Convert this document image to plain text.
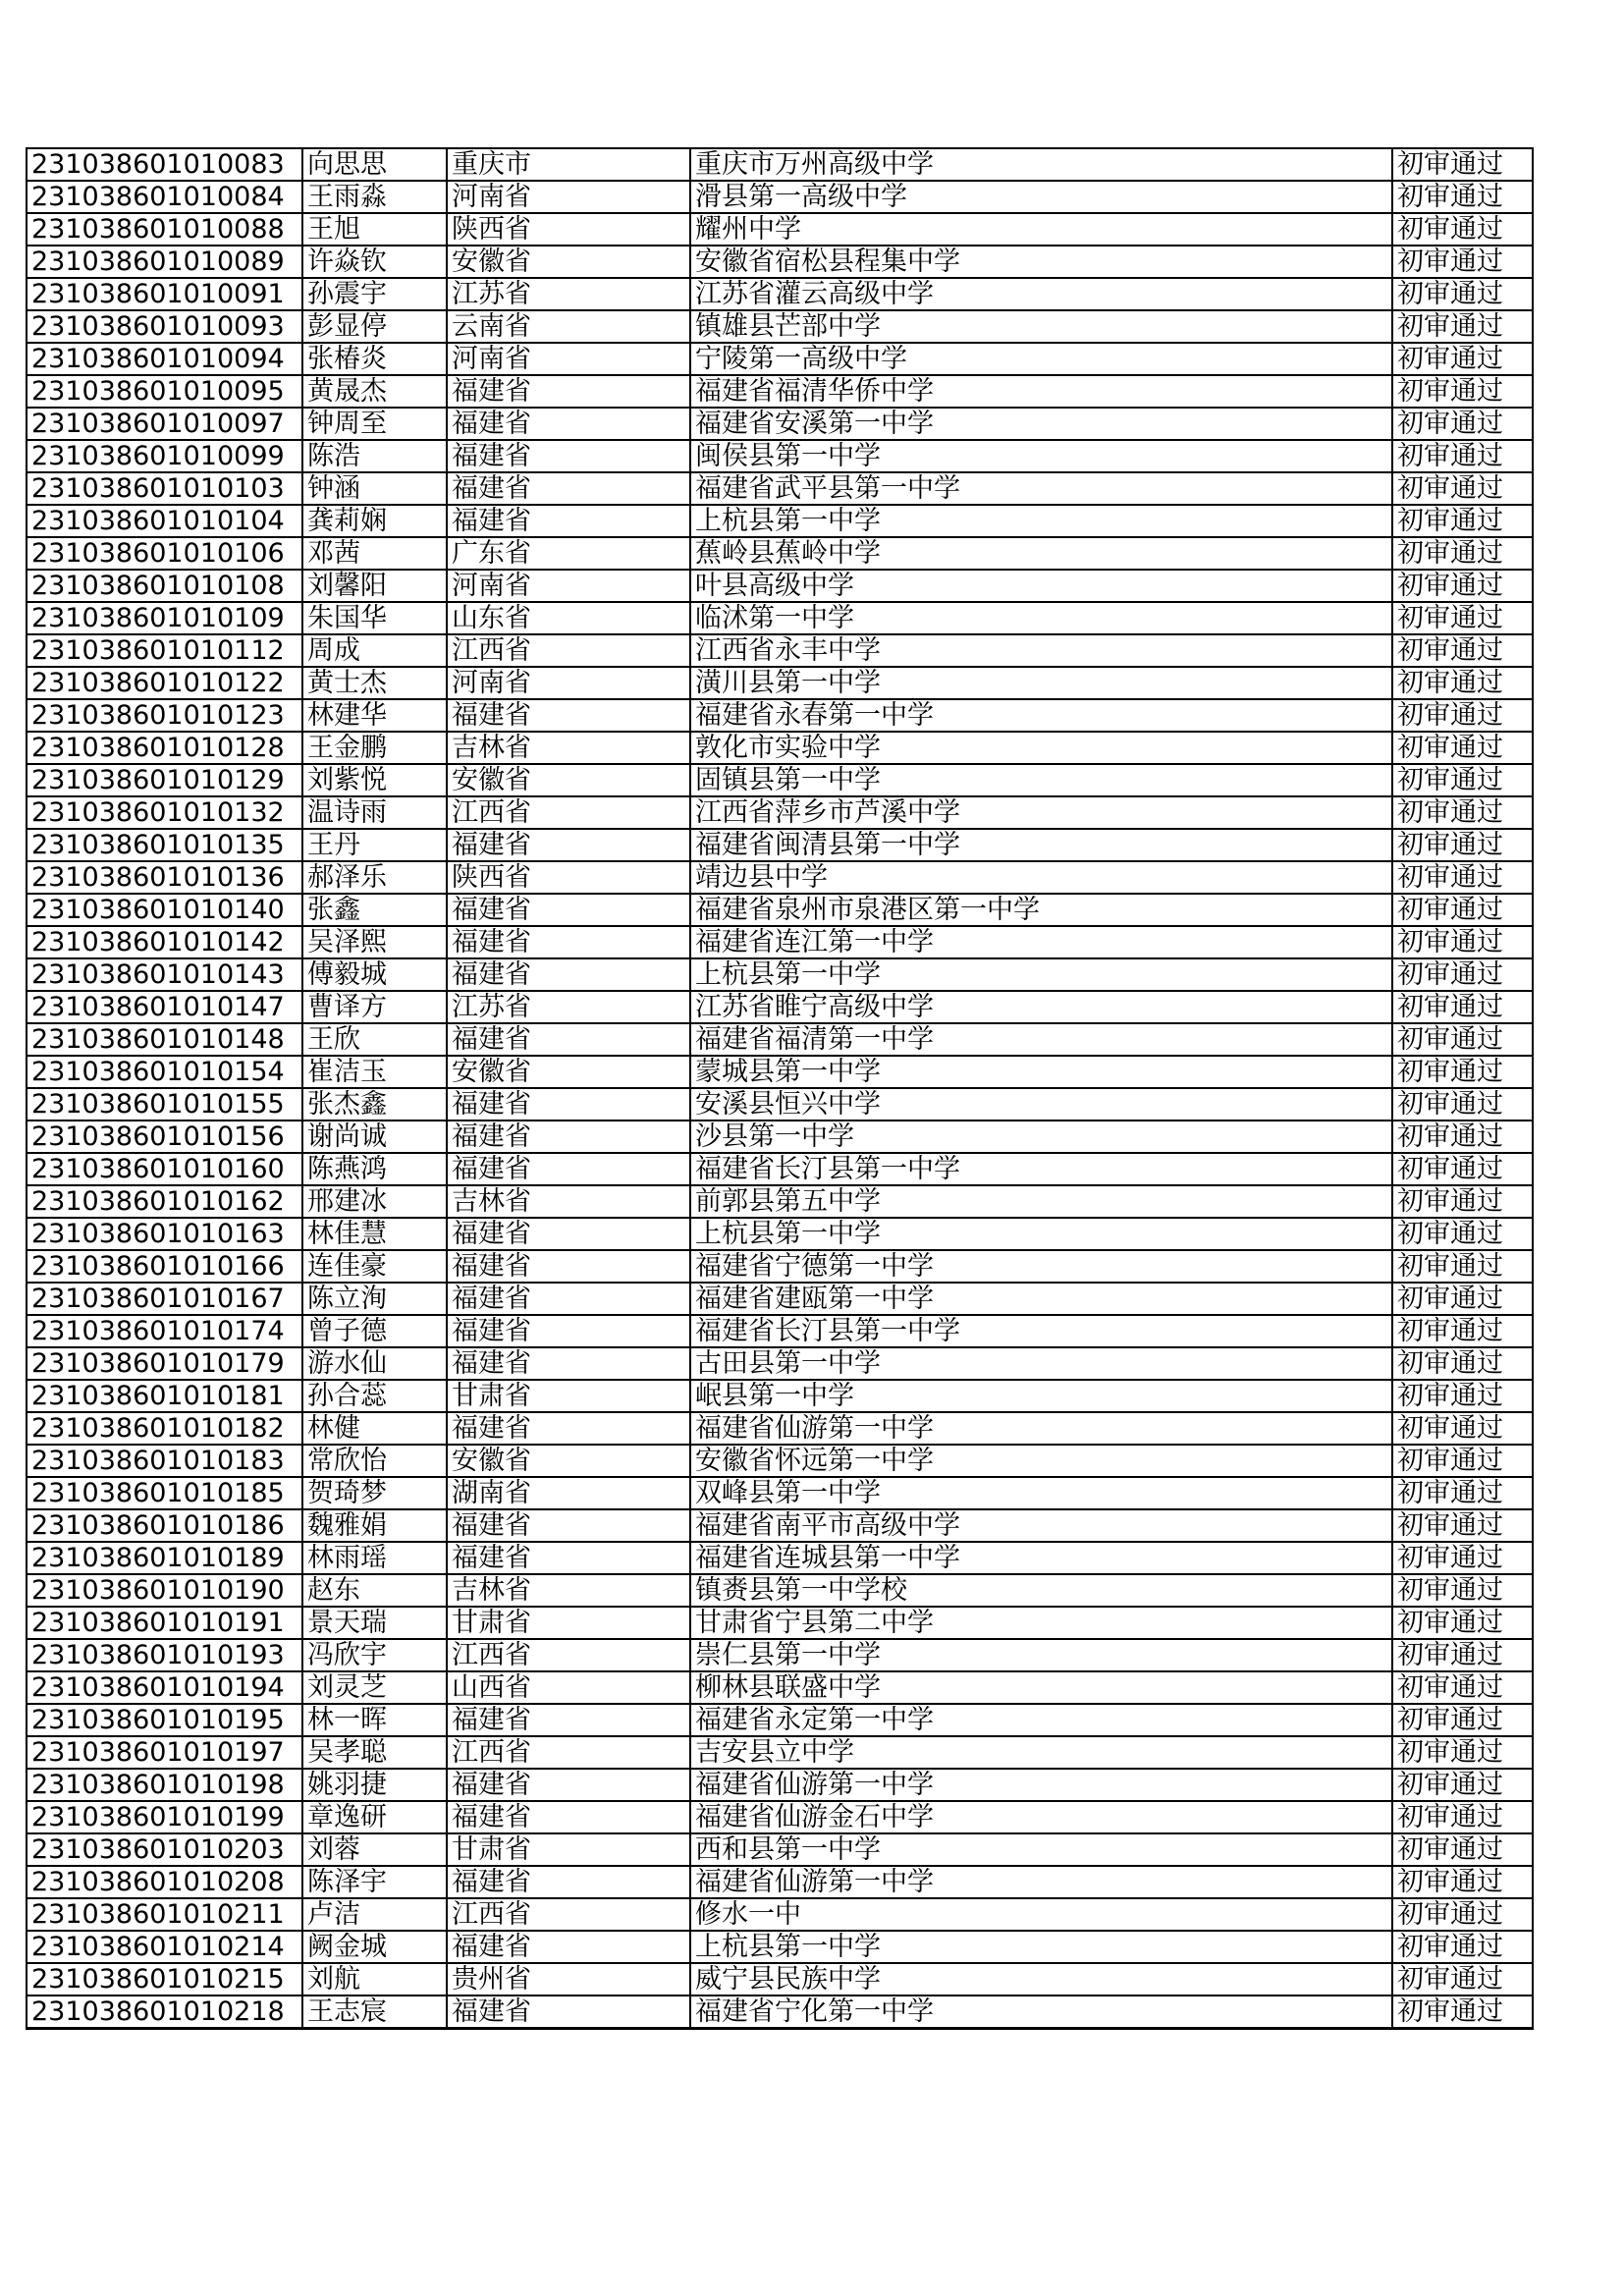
231038601010083	向思思	重庆市	重庆市万州高级中学	初审通过
231038601010084	王雨淼	河南省	滑县第一高级中学	初审通过
231038601010088	王旭	陕西省	耀州中学	初审通过
231038601010089	许焱钦	安徽省	安徽省宿松县程集中学	初审通过
231038601010091	孙震宇	江苏省	江苏省灌云高级中学	初审通过
231038601010093	彭显停	云南省	镇雄县芒部中学	初审通过
231038601010094	张椿炎	河南省	宁陵第一高级中学	初审通过
231038601010095	黄晟杰	福建省	福建省福清华侨中学	初审通过
231038601010097	钟周至	福建省	福建省安溪第一中学	初审通过
231038601010099	陈浩	福建省	闽侯县第一中学	初审通过
231038601010103	钟涵	福建省	福建省武平县第一中学	初审通过
231038601010104	龚莉娴	福建省	上杭县第一中学	初审通过
231038601010106	邓茜	广东省	蕉岭县蕉岭中学	初审通过
231038601010108	刘馨阳	河南省	叶县高级中学	初审通过
231038601010109	朱国华	山东省	临沭第一中学	初审通过
231038601010112	周成	江西省	江西省永丰中学	初审通过
231038601010122	黄士杰	河南省	潢川县第一中学	初审通过
231038601010123	林建华	福建省	福建省永春第一中学	初审通过
231038601010128	王金鹏	吉林省	敦化市实验中学	初审通过
231038601010129	刘紫悦	安徽省	固镇县第一中学	初审通过
231038601010132	温诗雨	江西省	江西省萍乡市芦溪中学	初审通过
231038601010135	王丹	福建省	福建省闽清县第一中学	初审通过
231038601010136	郝泽乐	陕西省	靖边县中学	初审通过
231038601010140	张鑫	福建省	福建省泉州市泉港区第一中学	初审通过
231038601010142	吴泽熙	福建省	福建省连江第一中学	初审通过
231038601010143	傅毅城	福建省	上杭县第一中学	初审通过
231038601010147	曹译方	江苏省	江苏省睢宁高级中学	初审通过
231038601010148	王欣	福建省	福建省福清第一中学	初审通过
231038601010154	崔洁玉	安徽省	蒙城县第一中学	初审通过
231038601010155	张杰鑫	福建省	安溪县恒兴中学	初审通过
231038601010156	谢尚诚	福建省	沙县第一中学	初审通过
231038601010160	陈燕鸿	福建省	福建省长汀县第一中学	初审通过
231038601010162	邢建冰	吉林省	前郭县第五中学	初审通过
231038601010163	林佳慧	福建省	上杭县第一中学	初审通过
231038601010166	连佳豪	福建省	福建省宁德第一中学	初审通过
231038601010167	陈立洵	福建省	福建省建瓯第一中学	初审通过
231038601010174	曾子德	福建省	福建省长汀县第一中学	初审通过
231038601010179	游水仙	福建省	古田县第一中学	初审通过
231038601010181	孙合蕊	甘肃省	岷县第一中学	初审通过
231038601010182	林健	福建省	福建省仙游第一中学	初审通过
231038601010183	常欣怡	安徽省	安徽省怀远第一中学	初审通过
231038601010185	贺琦梦	湖南省	双峰县第一中学	初审通过
231038601010186	魏雅娟	福建省	福建省南平市高级中学	初审通过
231038601010189	林雨瑶	福建省	福建省连城县第一中学	初审通过
231038601010190	赵东	吉林省	镇赉县第一中学校	初审通过
231038601010191	景天瑞	甘肃省	甘肃省宁县第二中学	初审通过
231038601010193	冯欣宇	江西省	崇仁县第一中学	初审通过
231038601010194	刘灵芝	山西省	柳林县联盛中学	初审通过
231038601010195	林一晖	福建省	福建省永定第一中学	初审通过
231038601010197	吴孝聪	江西省	吉安县立中学	初审通过
231038601010198	姚羽捷	福建省	福建省仙游第一中学	初审通过
231038601010199	章逸研	福建省	福建省仙游金石中学	初审通过
231038601010203	刘蓉	甘肃省	西和县第一中学	初审通过
231038601010208	陈泽宇	福建省	福建省仙游第一中学	初审通过
231038601010211	卢洁	江西省	修水一中	初审通过
231038601010214	阙金城	福建省	上杭县第一中学	初审通过
231038601010215	刘航	贵州省	威宁县民族中学	初审通过
231038601010218	王志宸	福建省	福建省宁化第一中学	初审通过
